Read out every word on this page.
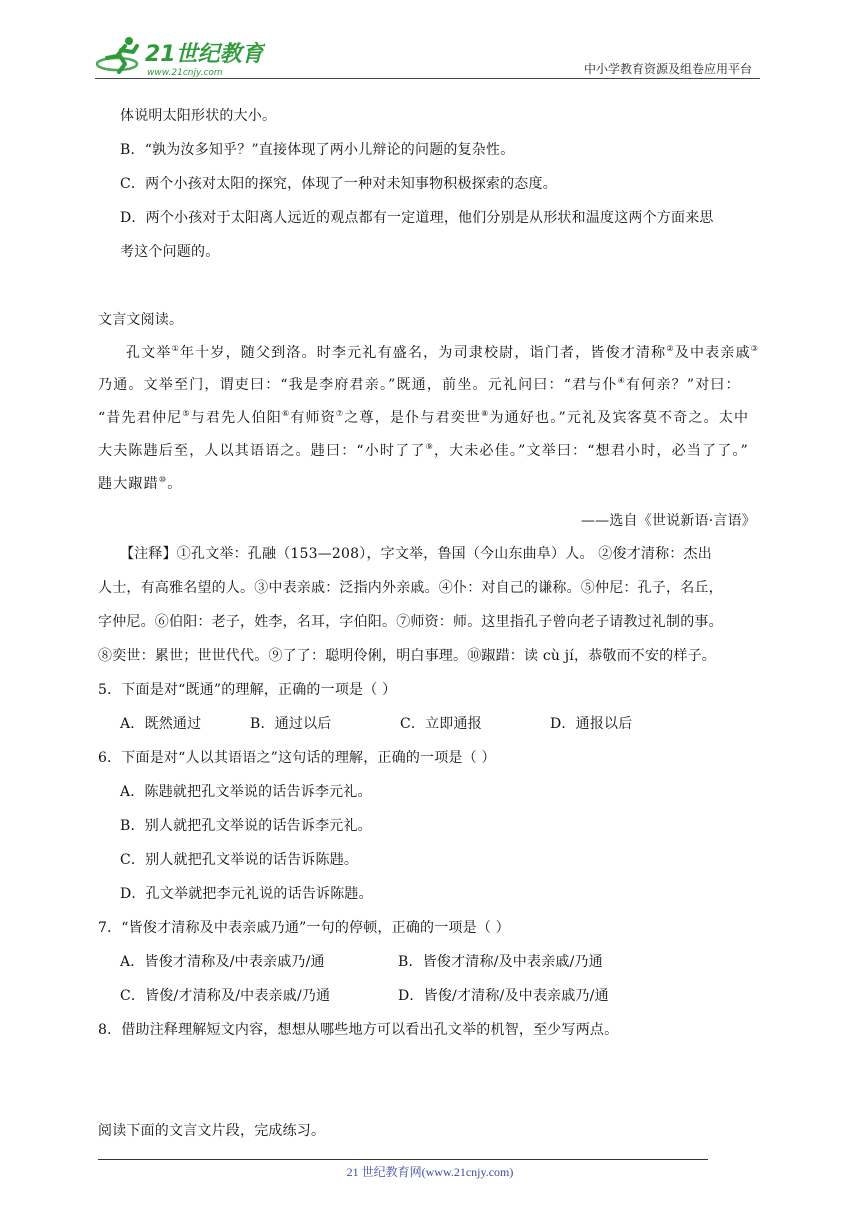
21世纪教育
www.21cnjy.com	中小学教育资源及组卷应用平台
体说明太阳形状的大小。
B．“孰为汝多知乎？”直接体现了两小儿辩论的问题的复杂性。
C．两个小孩对太阳的探究，体现了一种对未知事物积极探索的态度。
D．两个小孩对于太阳离人远近的观点都有一定道理，他们分别是从形状和温度这两个方面来思
考这个问题的。
文言文阅读。
孔文举①年十岁，随父到洛。时李元礼有盛名，为司隶校尉，诣门者，皆俊才清称②及中表亲戚③
乃通。文举至门，谓吏曰：“我是李府君亲。”既通，前坐。元礼问曰：“君与仆④有何亲？”对曰：
“昔先君仲尼⑤与君先人伯阳⑥有师资⑦之尊，是仆与君奕世⑧为通好也。”元礼及宾客莫不奇之。太中
大夫陈韪后至，人以其语语之。韪曰：“小时了了⑨，大未必佳。”文举曰：“想君小时，必当了了。”
韪大踧踖⑩。
——选自《世说新语·言语》
【注释】①孔文举：孔融（153—208），字文举，鲁国（今山东曲阜）人。 ②俊才清称：杰出
人士，有高雅名望的人。③中表亲戚：泛指内外亲戚。④仆：对自己的谦称。⑤仲尼：孔子，名丘，
字仲尼。⑥伯阳：老子，姓李，名耳，字伯阳。⑦师资：师。这里指孔子曾向老子请教过礼制的事。
⑧奕世：累世；世世代代。⑨了了：聪明伶俐，明白事理。⑩踧踖：读 cù jí，恭敬而不安的样子。
5．下面是对“既通”的理解，正确的一项是（ ）
A．既然通过	B．通过以后	C．立即通报	D．通报以后
6．下面是对“人以其语语之”这句话的理解，正确的一项是（ ）
A．陈韪就把孔文举说的话告诉李元礼。
B．别人就把孔文举说的话告诉李元礼。
C．别人就把孔文举说的话告诉陈韪。
D．孔文举就把李元礼说的话告诉陈韪。
7．“皆俊才清称及中表亲戚乃通”一句的停顿，正确的一项是（ ）
A．皆俊才清称及/中表亲戚乃/通	B．皆俊才清称/及中表亲戚/乃通
C．皆俊/才清称及/中表亲戚/乃通	D．皆俊/才清称/及中表亲戚乃/通
8．借助注释理解短文内容，想想从哪些地方可以看出孔文举的机智，至少写两点。
阅读下面的文言文片段，完成练习。
21 世纪教育网(www.21cnjy.com)
